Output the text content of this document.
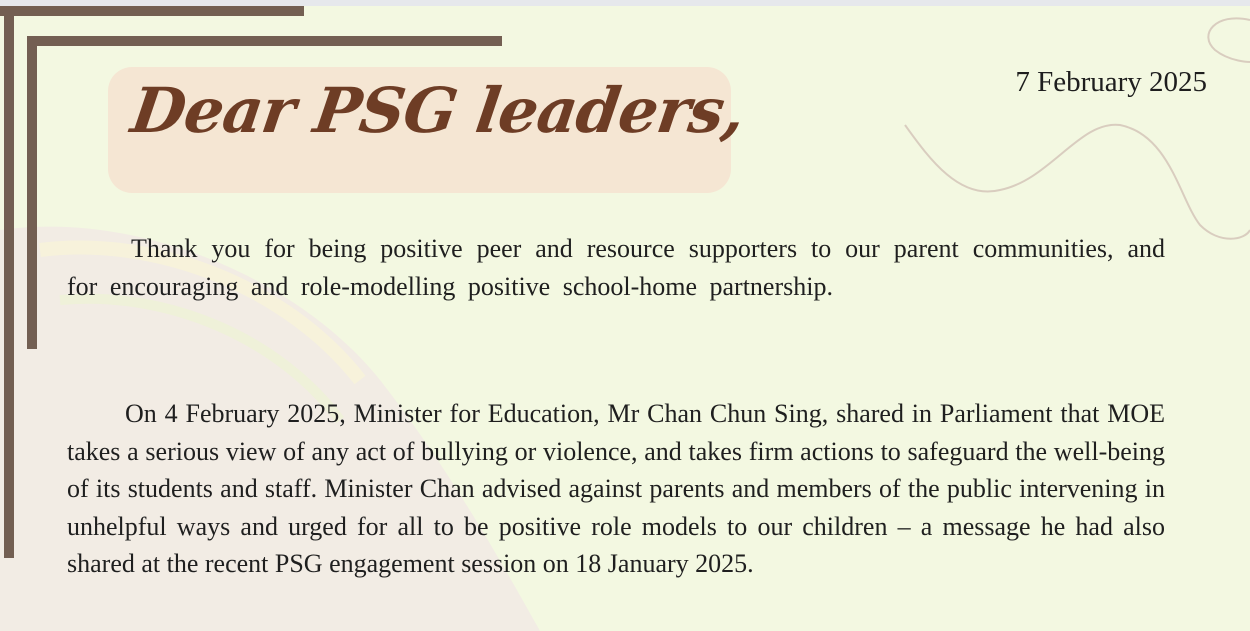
Dear PSG leaders,	7 February 2025

Thank you for being positive peer and resource supporters to our parent communities, and for encouraging and role-modelling positive school-home partnership.

On 4 February 2025, Minister for Education, Mr Chan Chun Sing, shared in Parliament that MOE takes a serious view of any act of bullying or violence, and takes firm actions to safeguard the well-being of its students and staff. Minister Chan advised against parents and members of the public intervening in unhelpful ways and urged for all to be positive role models to our children – a message he had also shared at the recent PSG engagement session on 18 January 2025.
